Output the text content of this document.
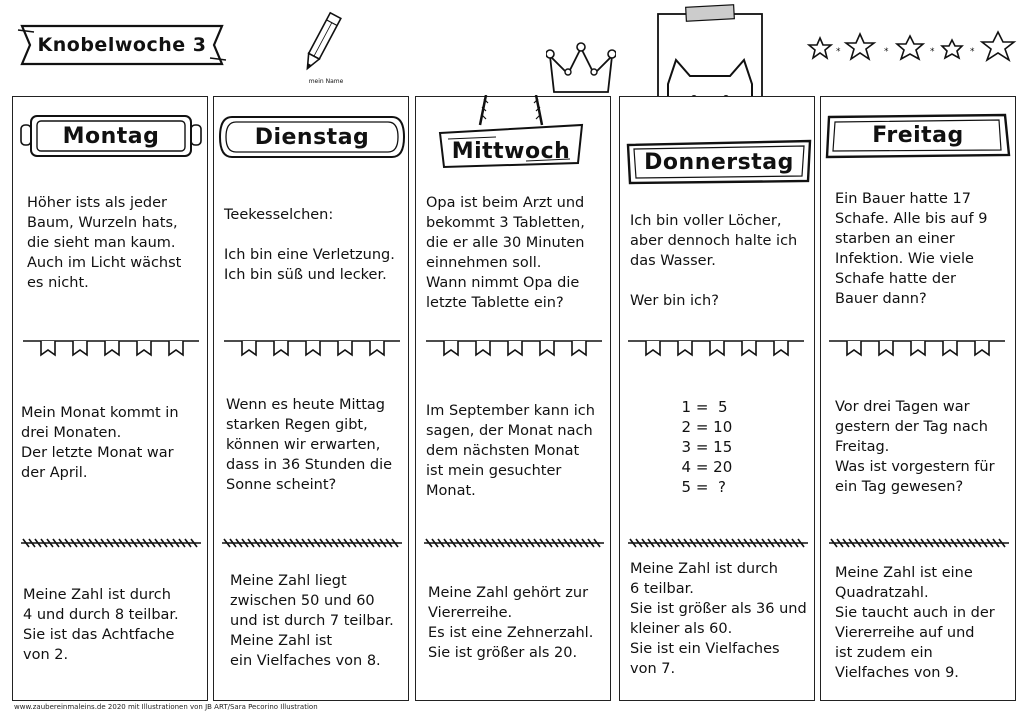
Knobelwoche 3
mein Name
*	*	*	*
Montag
Höher ists als jeder
Baum, Wurzeln hats,
die sieht man kaum.
Auch im Licht wächst
es nicht.
Mein Monat kommt in
drei Monaten.
Der letzte Monat war
der April.
Meine Zahl ist durch
4 und durch 8 teilbar.
Sie ist das Achtfache
von 2.
Dienstag
Teekesselchen:

Ich bin eine Verletzung.
Ich bin süß und lecker.
Wenn es heute Mittag
starken Regen gibt,
können wir erwarten,
dass in 36 Stunden die
Sonne scheint?
Meine Zahl liegt
zwischen 50 und 60
und ist durch 7 teilbar.
Meine Zahl ist
ein Vielfaches von 8.
Mittwoch
Opa ist beim Arzt und
bekommt 3 Tabletten,
die er alle 30 Minuten
einnehmen soll.
Wann nimmt Opa die
letzte Tablette ein?
Im September kann ich
sagen, der Monat nach
dem nächsten Monat
ist mein gesuchter
Monat.
Meine Zahl gehört zur
Viererreihe.
Es ist eine Zehnerzahl.
Sie ist größer als 20.
Donnerstag
Ich bin voller Löcher,
aber dennoch halte ich
das Wasser.

Wer bin ich?
1 =  5
2 = 10
3 = 15
4 = 20
5 =  ?
Meine Zahl ist durch
6 teilbar.
Sie ist größer als 36 und
kleiner als 60.
Sie ist ein Vielfaches
von 7.
Freitag
Ein Bauer hatte 17
Schafe. Alle bis auf 9
starben an einer
Infektion. Wie viele
Schafe hatte der
Bauer dann?
Vor drei Tagen war
gestern der Tag nach
Freitag.
Was ist vorgestern für
ein Tag gewesen?
Meine Zahl ist eine
Quadratzahl.
Sie taucht auch in der
Viererreihe auf und
ist zudem ein
Vielfaches von 9.
www.zaubereinmaleins.de 2020 mit Illustrationen von JB ART/Sara Pecorino Illustration
